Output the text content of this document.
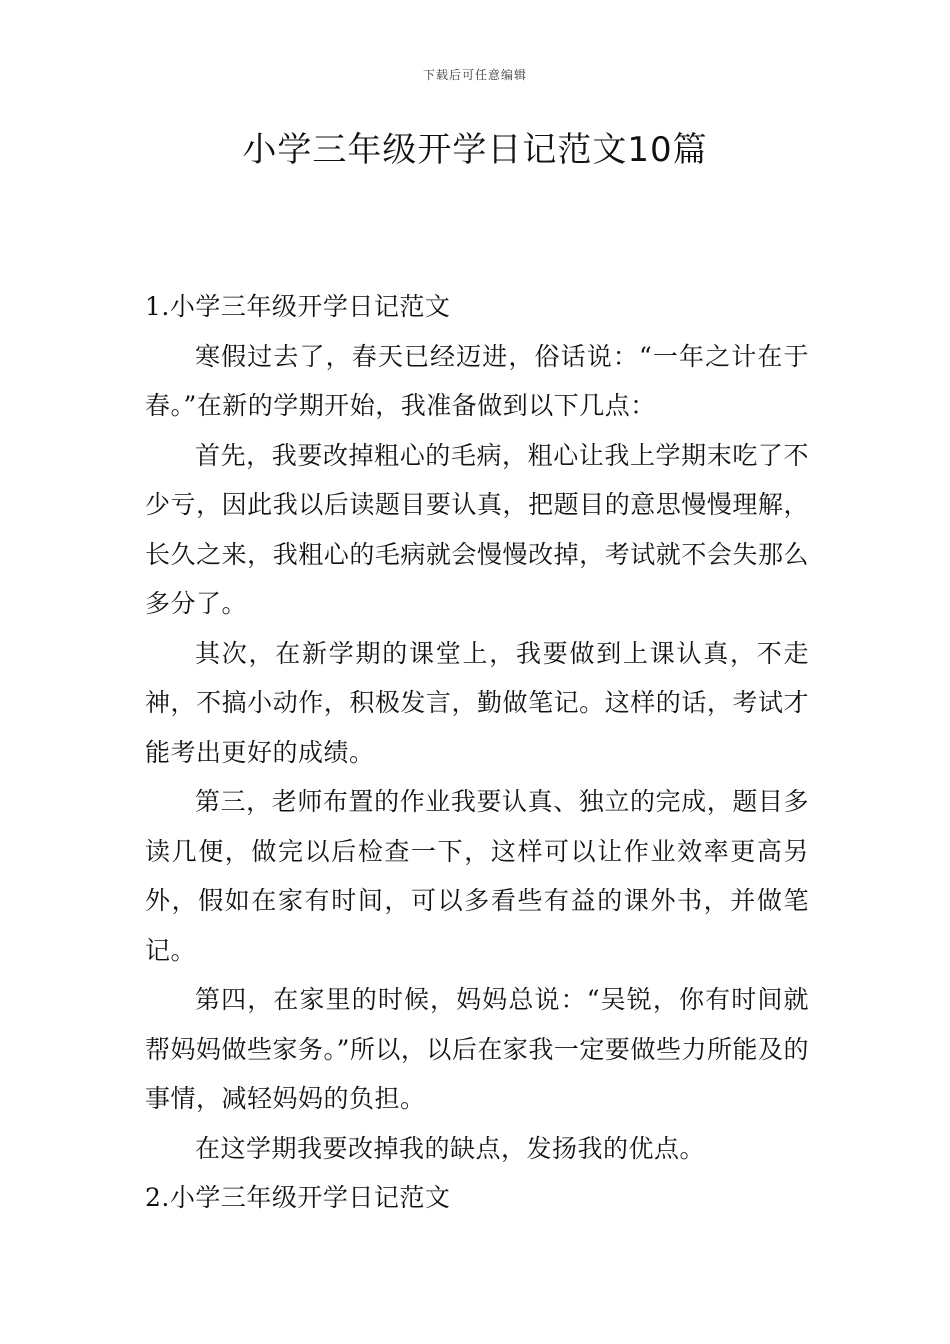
下载后可任意编辑
小学三年级开学日记范文10篇

1.小学三年级开学日记范文

寒假过去了，春天已经迈进，俗话说：“一年之计在于春。”在新的学期开始，我准备做到以下几点：

首先，我要改掉粗心的毛病，粗心让我上学期末吃了不少亏，因此我以后读题目要认真，把题目的意思慢慢理解，长久之来，我粗心的毛病就会慢慢改掉，考试就不会失那么多分了。

其次，在新学期的课堂上，我要做到上课认真，不走神，不搞小动作，积极发言，勤做笔记。这样的话，考试才能考出更好的成绩。

第三，老师布置的作业我要认真、独立的完成，题目多读几便，做完以后检查一下，这样可以让作业效率更高另外，假如在家有时间，可以多看些有益的课外书，并做笔记。

第四，在家里的时候，妈妈总说：“吴锐，你有时间就帮妈妈做些家务。”所以，以后在家我一定要做些力所能及的事情，减轻妈妈的负担。

在这学期我要改掉我的缺点，发扬我的优点。

2.小学三年级开学日记范文
